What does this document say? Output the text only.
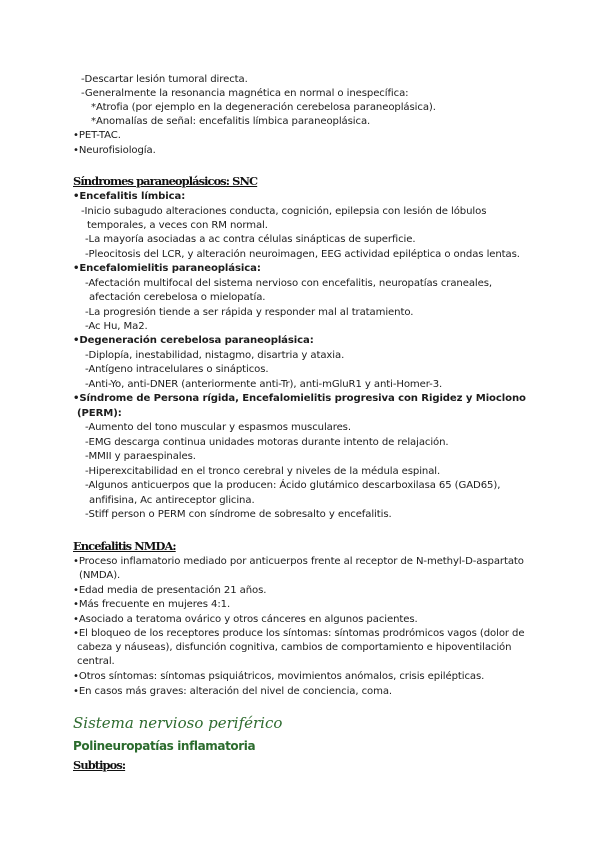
-Descartar lesión tumoral directa.
-Generalmente la resonancia magnética en normal o inespecífica:
*Atrofia (por ejemplo en la degeneración cerebelosa paraneoplásica).
*Anomalías de señal: encefalitis límbica paraneoplásica.
•PET-TAC.
•Neurofisiología.
Síndromes paraneoplásicos: SNC
•Encefalitis límbica:
-Inicio subagudo alteraciones conducta, cognición, epilepsia con lesión de lóbulos
temporales, a veces con RM normal.
-La mayoría asociadas a ac contra células sinápticas de superficie.
-Pleocitosis del LCR, y alteración neuroimagen, EEG actividad epiléptica o ondas lentas.
•Encefalomielitis paraneoplásica:
-Afectación multifocal del sistema nervioso con encefalitis, neuropatías craneales,
afectación cerebelosa o mielopatía.
-La progresión tiende a ser rápida y responder mal al tratamiento.
-Ac Hu, Ma2.
•Degeneración cerebelosa paraneoplásica:
-Diplopía, inestabilidad, nistagmo, disartria y ataxia.
-Antígeno intracelulares o sinápticos.
-Anti-Yo, anti-DNER (anteriormente anti-Tr), anti-mGluR1 y anti-Homer-3.
•Síndrome de Persona rígida, Encefalomielitis progresiva con Rigidez y Mioclono
(PERM):
-Aumento del tono muscular y espasmos musculares.
-EMG descarga continua unidades motoras durante intento de relajación.
-MMII y paraespinales.
-Hiperexcitabilidad en el tronco cerebral y niveles de la médula espinal.
-Algunos anticuerpos que la producen: Ácido glutámico descarboxilasa 65 (GAD65),
anfifisina, Ac antireceptor glicina.
-Stiff person o PERM con síndrome de sobresalto y encefalitis.
Encefalitis NMDA:
•Proceso inflamatorio mediado por anticuerpos frente al receptor de N-methyl-D-aspartato
(NMDA).
•Edad media de presentación 21 años.
•Más frecuente en mujeres 4:1.
•Asociado a teratoma ovárico y otros cánceres en algunos pacientes.
•El bloqueo de los receptores produce los síntomas: síntomas prodrómicos vagos (dolor de
cabeza y náuseas), disfunción cognitiva, cambios de comportamiento e hipoventilación
central.
•Otros síntomas: síntomas psiquiátricos, movimientos anómalos, crisis epilépticas.
•En casos más graves: alteración del nivel de conciencia, coma.
Sistema nervioso periférico
Polineuropatías inflamatoria
Subtipos:
